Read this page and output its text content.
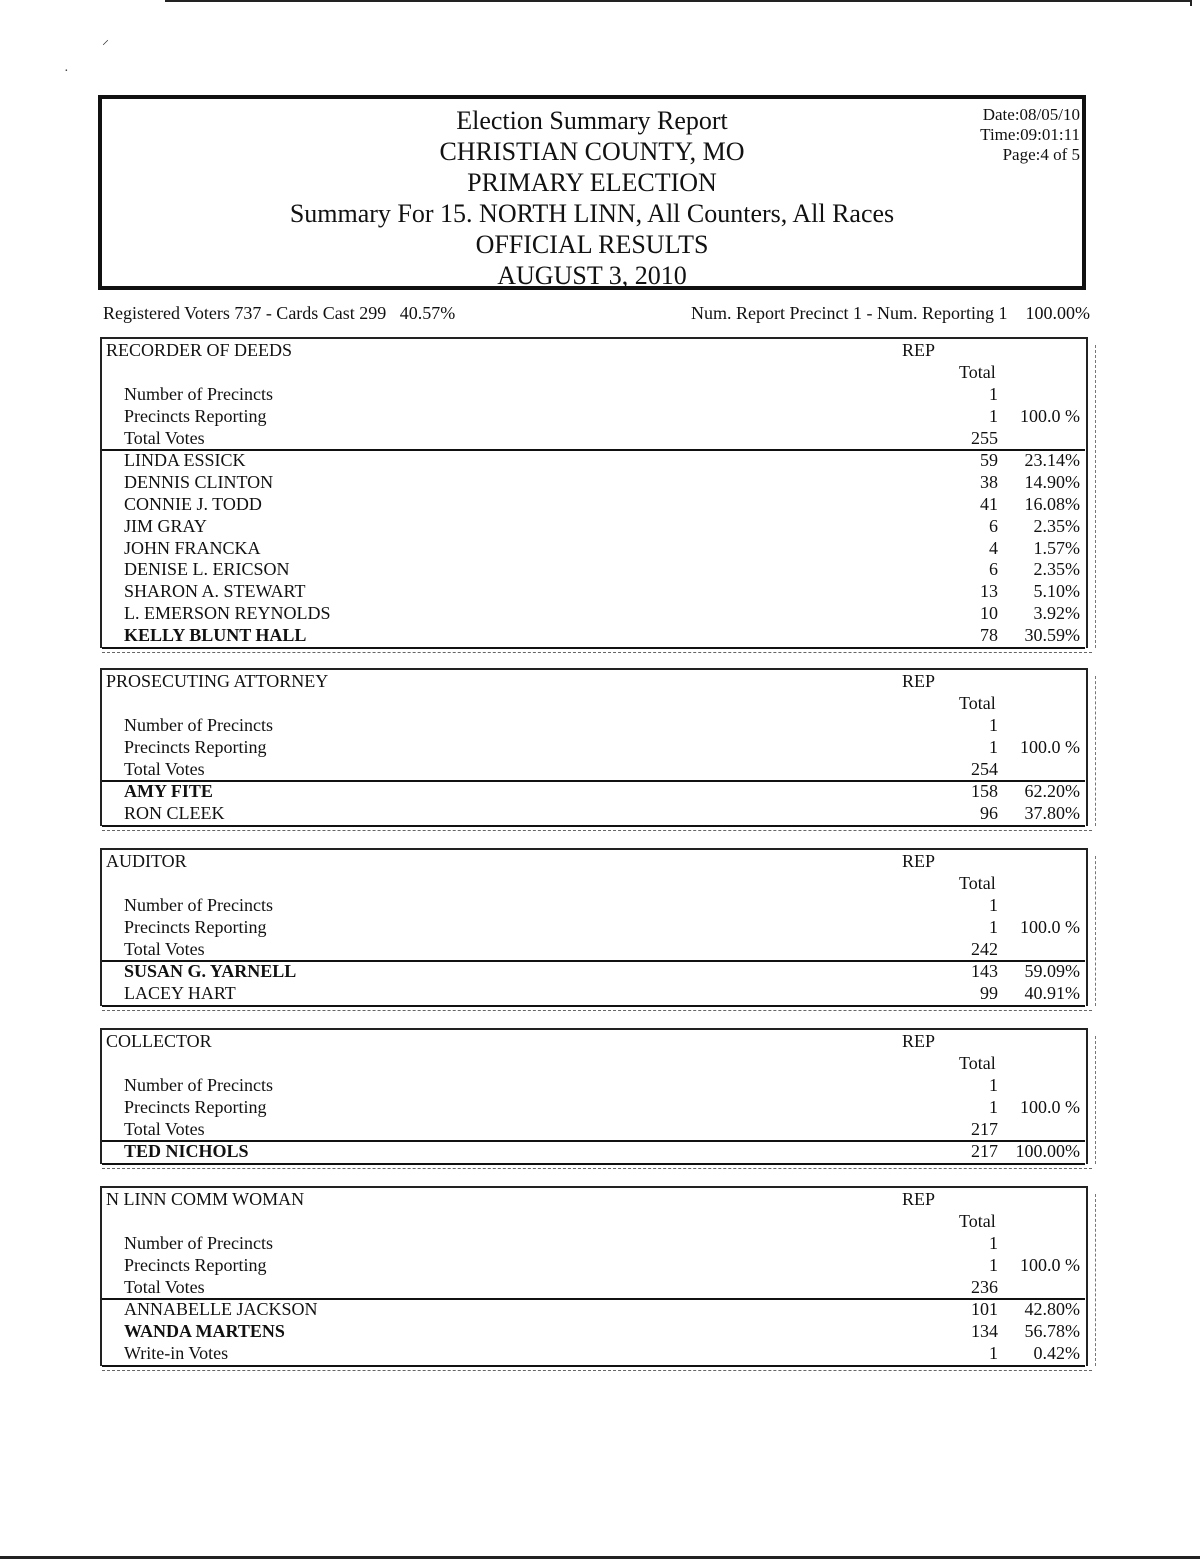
⸝
·
Election Summary Report
CHRISTIAN COUNTY, MO
PRIMARY ELECTION
Summary For 15. NORTH LINN, All Counters, All Races
OFFICIAL RESULTS
AUGUST 3, 2010
Date:08/05/10
Time:09:01:11
Page:4 of 5
Registered Voters 737 - Cards Cast 299   40.57%	Num. Report Precinct 1 - Num. Reporting 1    100.00%
RECORDER OF DEEDS	REP
Total
Number of Precincts	1
Precincts Reporting	1 100.0 %
Total Votes	255
LINDA ESSICK	59 23.14%
DENNIS CLINTON	38 14.90%
CONNIE J. TODD	41 16.08%
JIM GRAY	6 2.35%
JOHN FRANCKA	4 1.57%
DENISE L. ERICSON	6 2.35%
SHARON A. STEWART	13 5.10%
L. EMERSON REYNOLDS	10 3.92%
KELLY BLUNT HALL	78 30.59%
PROSECUTING ATTORNEY	REP
Total
Number of Precincts	1
Precincts Reporting	1 100.0 %
Total Votes	254
AMY FITE	158 62.20%
RON CLEEK	96 37.80%
AUDITOR	REP
Total
Number of Precincts	1
Precincts Reporting	1 100.0 %
Total Votes	242
SUSAN G. YARNELL	143 59.09%
LACEY HART	99 40.91%
COLLECTOR	REP
Total
Number of Precincts	1
Precincts Reporting	1 100.0 %
Total Votes	217
TED NICHOLS	217 100.00%
N LINN COMM WOMAN	REP
Total
Number of Precincts	1
Precincts Reporting	1 100.0 %
Total Votes	236
ANNABELLE JACKSON	101 42.80%
WANDA MARTENS	134 56.78%
Write-in Votes	1 0.42%
